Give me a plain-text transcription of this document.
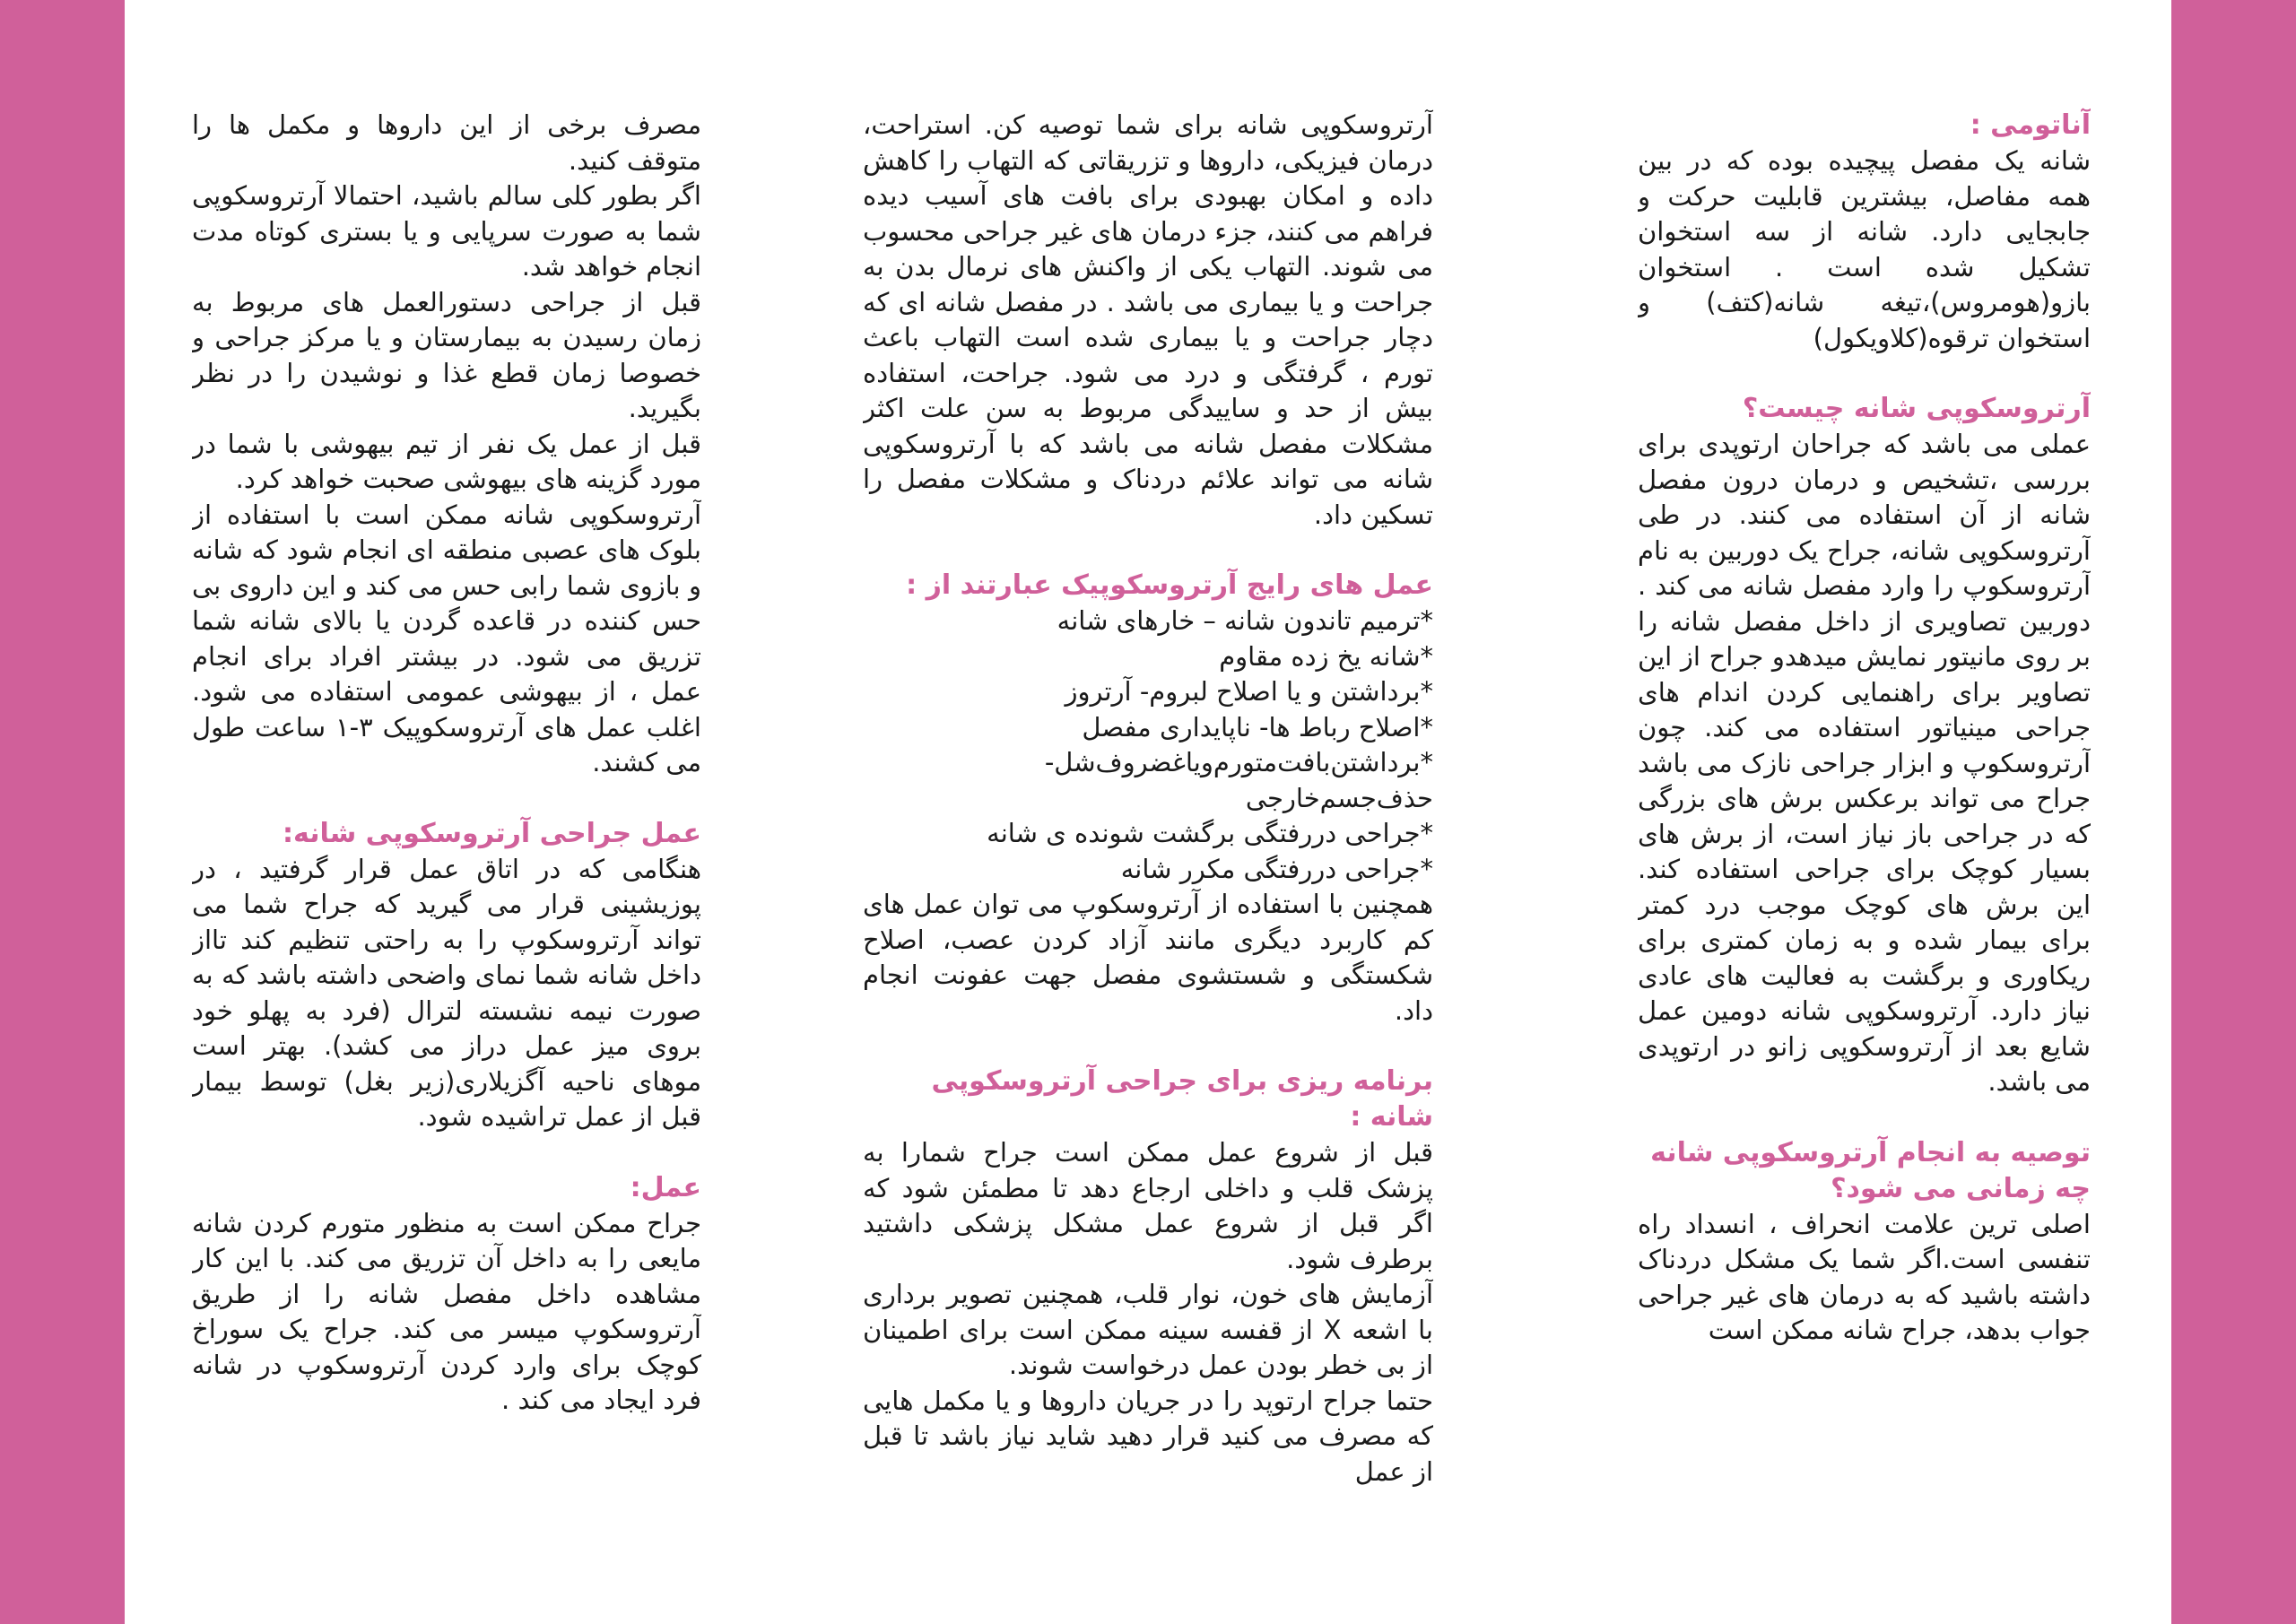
آناتومی :

شانه یک مفصل پیچیده بوده که در بین همه مفاصل، بیشترین قابلیت حرکت و جابجایی دارد. شانه از سه استخوان تشکیل شده است . استخوان بازو(هومروس)،تیغه شانه(کتف) و استخوان ترقوه(کلاویکول)

آرتروسکوپی شانه چیست؟

عملی می باشد که جراحان ارتوپدی برای بررسی ،تشخیص و درمان درون مفصل شانه از آن استفاده می کنند. در طی آرتروسکوپی شانه، جراح یک دوربین به نام آرتروسکوپ را وارد مفصل شانه می کند . دوربین تصاویری از داخل مفصل شانه را بر روی مانیتور نمایش میدهدو جراح از این تصاویر برای راهنمایی کردن اندام های جراحی مینیاتور استفاده می کند. چون آرتروسکوپ و ابزار جراحی نازک می باشد جراح می تواند برعکس برش های بزرگی که در جراحی باز نیاز است، از برش های بسیار کوچک برای جراحی استفاده کند. این برش های کوچک موجب درد کمتر برای بیمار شده و به زمان کمتری برای ریکاوری و برگشت به فعالیت های عادی نیاز دارد. آرتروسکوپی شانه دومین عمل شایع بعد از آرتروسکوپی زانو در ارتوپدی می باشد.

توصیه به انجام آرتروسکوپی شانه چه زمانی می شود؟

اصلی ترین علامت انحراف ، انسداد راه تنفسی است.اگر شما یک مشکل دردناک داشته باشید که به درمان های غیر جراحی جواب بدهد، جراح شانه ممکن است

آرتروسکوپی شانه برای شما توصیه کن. استراحت، درمان فیزیکی، داروها و تزریقاتی که التهاب را کاهش داده و امکان بهبودی برای بافت های آسیب دیده فراهم می کنند، جزء درمان های غیر جراحی محسوب می شوند. التهاب یکی از واکنش های نرمال بدن به جراحت و یا بیماری می باشد . در مفصل شانه ای که دچار جراحت و یا بیماری شده است التهاب باعث تورم ، گرفتگی و درد می شود. جراحت، استفاده بیش از حد و ساییدگی مربوط به سن علت اکثر مشکلات مفصل شانه می باشد که با آرتروسکوپی شانه می تواند علائم دردناک و مشکلات مفصل را تسکین داد.

عمل های رایج آرتروسکوپیک عبارتند از :
*ترمیم تاندون شانه – خارهای شانه
*شانه یخ زده مقاوم
*برداشتن و یا اصلاح لبروم- آرتروز
*اصلاح رباط ها- ناپایداری مفصل
*برداشتن‌بافت‌متورم‌ویاغضروف‌شل-حذف‌جسم‌خارجی
*جراحی دررفتگی برگشت شونده ی شانه
*جراحی دررفتگی مکرر شانه

همچنین با استفاده از آرتروسکوپ می توان عمل های کم کاربرد دیگری مانند آزاد کردن عصب، اصلاح شکستگی و شستشوی مفصل جهت عفونت انجام داد.

برنامه ریزی برای جراحی آرتروسکوپی شانه :

قبل از شروع عمل ممکن است جراح شمارا به پزشک قلب و داخلی ارجاع دهد تا مطمئن شود که اگر قبل از شروع عمل مشکل پزشکی داشتید برطرف شود.

آزمایش های خون، نوار قلب، همچنین تصویر برداری با اشعه X از قفسه سینه ممکن است برای اطمینان از بی خطر بودن عمل درخواست شوند.

حتما جراح ارتوپد را در جریان داروها و یا مکمل هایی که مصرف می کنید قرار دهید شاید نیاز باشد تا قبل از عمل

مصرف برخی از این داروها و مکمل ها را متوقف کنید.

اگر بطور کلی سالم باشید، احتمالا آرتروسکوپی شما به صورت سرپایی و یا بستری کوتاه مدت انجام خواهد شد.

قبل از جراحی دستورالعمل های مربوط به زمان رسیدن به بیمارستان و یا مرکز جراحی و خصوصا زمان قطع غذا و نوشیدن را در نظر بگیرید.

قبل از عمل یک نفر از تیم بیهوشی با شما در مورد گزینه های بیهوشی صحبت خواهد کرد.

آرتروسکوپی شانه ممکن است با استفاده از بلوک های عصبی منطقه ای انجام شود که شانه و بازوی شما رابی حس می کند و این داروی بی حس کننده در قاعده گردن یا بالای شانه شما تزریق می شود. در بیشتر افراد برای انجام عمل ، از بیهوشی عمومی استفاده می شود. اغلب عمل های آرتروسکوپیک ۳-۱ ساعت طول می کشند.

عمل جراحی آرتروسکوپی شانه:

هنگامی که در اتاق عمل قرار گرفتید ، در پوزیشینی قرار می گیرید که جراح شما می تواند آرتروسکوپ را به راحتی تنظیم کند تااز داخل شانه شما نمای واضحی داشته باشد که به صورت نیمه نشسته لترال (فرد به پهلو خود بروی میز عمل دراز می کشد). بهتر است موهای ناحیه آگزیلاری(زیر بغل) توسط بیمار قبل از عمل تراشیده شود.

عمل:

جراح ممکن است به منظور متورم کردن شانه مایعی را به داخل آن تزریق می کند. با این کار مشاهده داخل مفصل شانه را از طریق آرتروسکوپ میسر می کند. جراح یک سوراخ کوچک برای وارد کردن آرتروسکوپ در شانه فرد ایجاد می کند .
